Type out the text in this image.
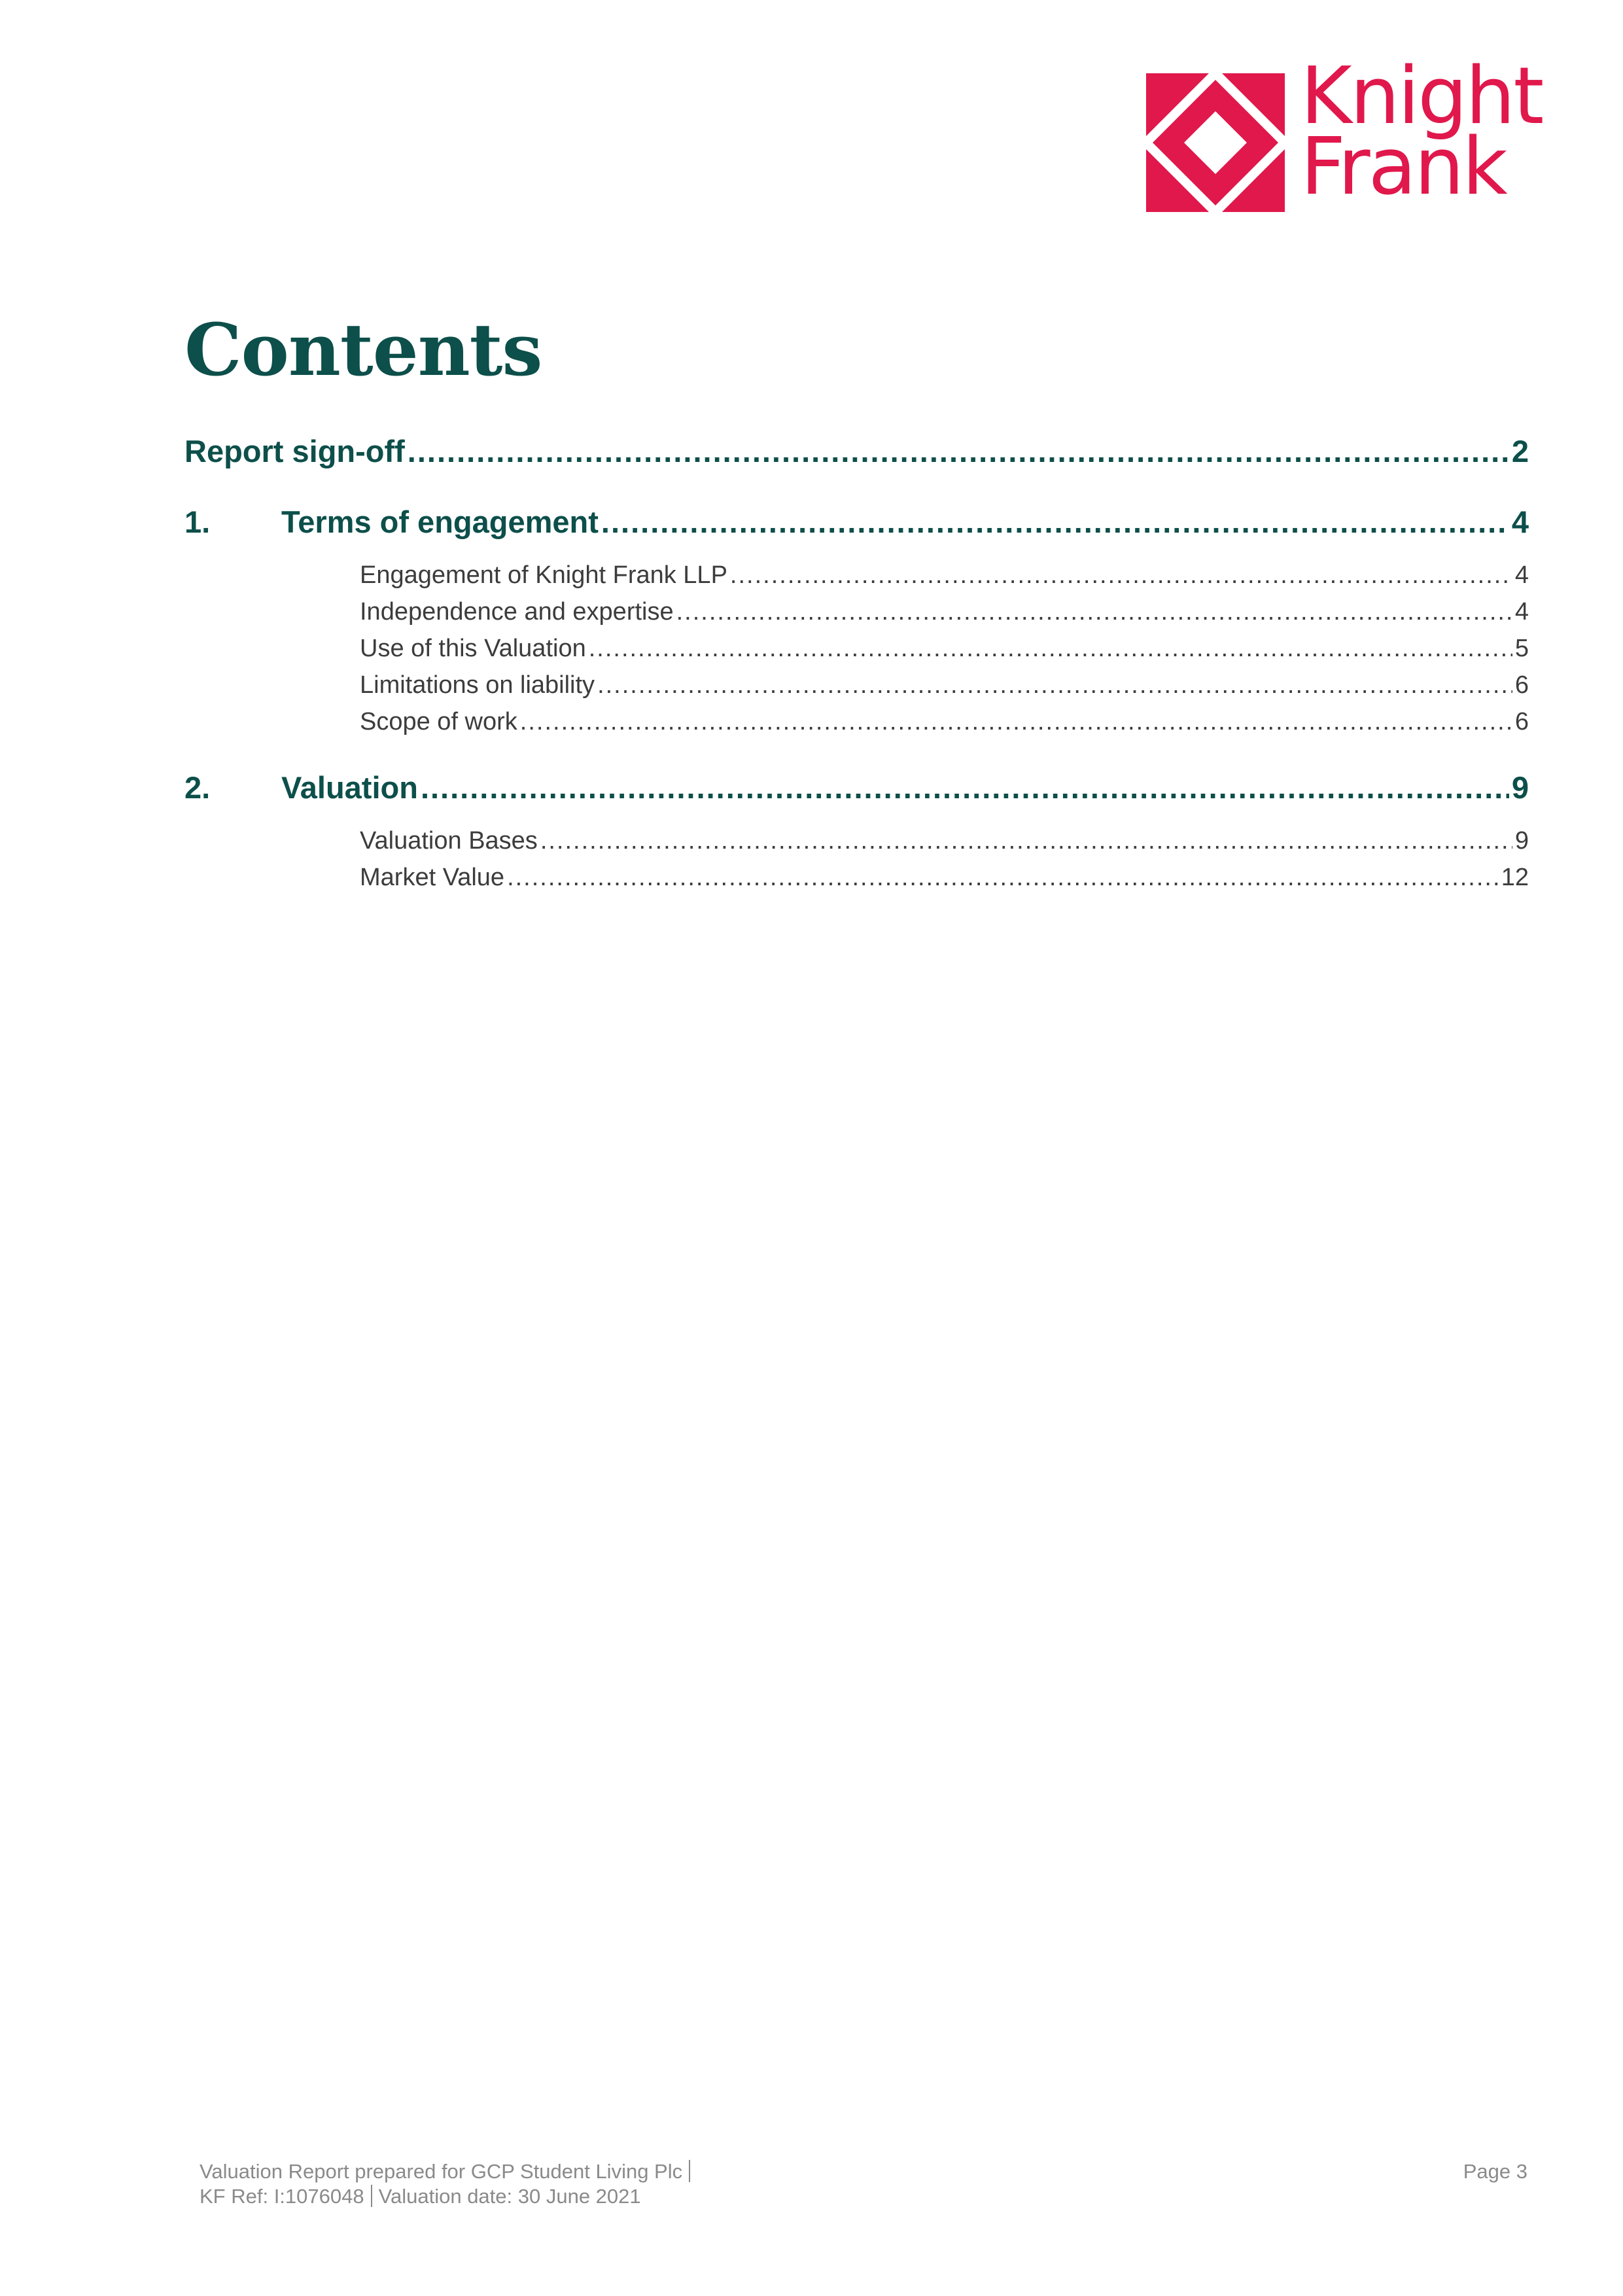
Knight
Frank
Contents
Report sign-off .....	2
1.	Terms of engagement .....	4
Engagement of Knight Frank LLP .....	4
Independence and expertise .....	4
Use of this Valuation .....	5
Limitations on liability .....	6
Scope of work .....	6
2.	Valuation .....	9
Valuation Bases .....	9
Market Value .....	12
Valuation Report prepared for GCP Student Living Plc
KF Ref: I:1076048 Valuation date: 30 June 2021
Page 3
